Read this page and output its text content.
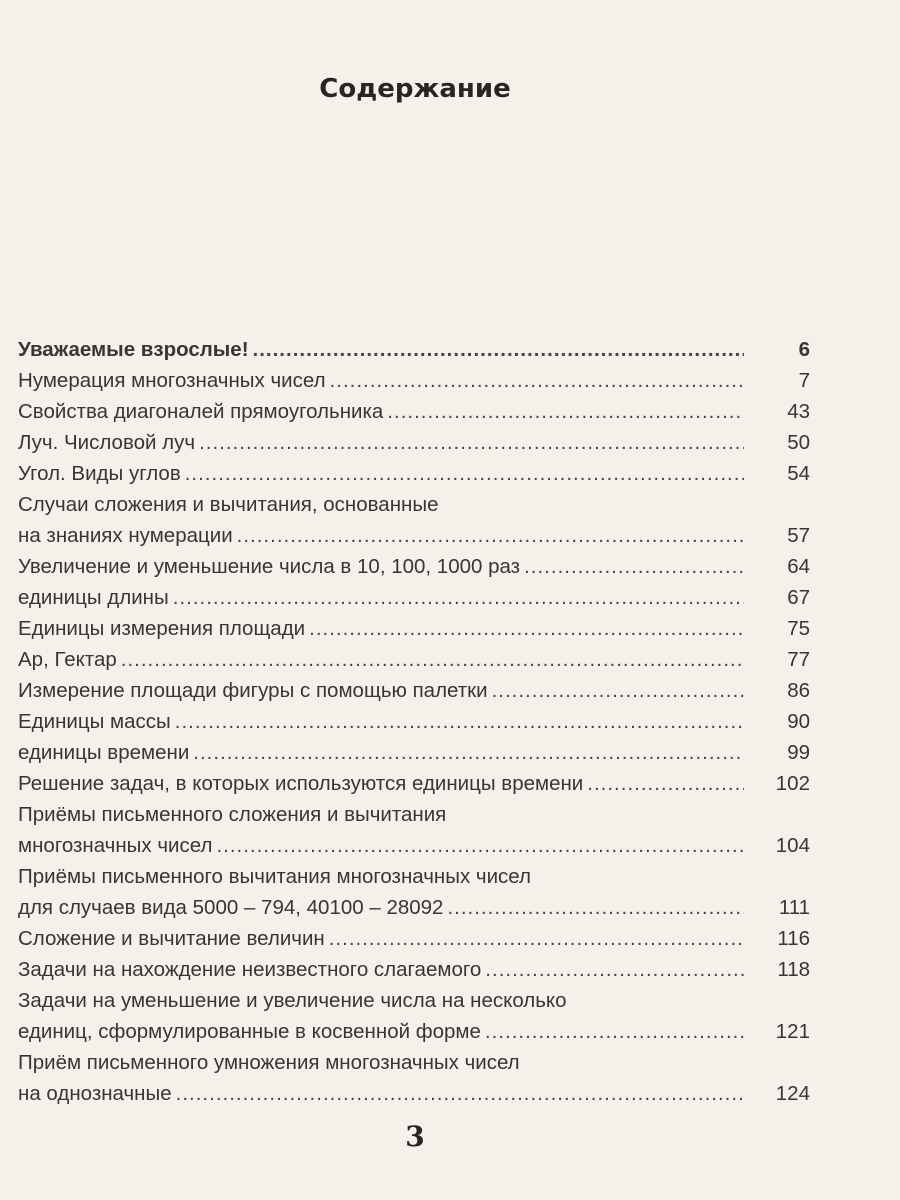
Содержание
Уважаемые взрослые! .....	6
Нумерация многозначных чисел .....	7
Свойства диагоналей прямоугольника .....	43
Луч. Числовой луч .....	50
Угол. Виды углов .....	54
Случаи сложения и вычитания, основанные
на знаниях нумерации .....	57
Увеличение и уменьшение числа в 10, 100, 1000 раз .....	64
единицы длины .....	67
Единицы измерения площади .....	75
Ар, Гектар .....	77
Измерение площади фигуры с помощью палетки .....	86
Единицы массы .....	90
единицы времени .....	99
Решение задач, в которых используются единицы времени .....	102
Приёмы письменного сложения и вычитания
многозначных чисел .....	104
Приёмы письменного вычитания многозначных чисел
для случаев вида 5000 – 794, 40100 – 28092 .....	111
Сложение и вычитание величин .....	116
Задачи на нахождение неизвестного слагаемого .....	118
Задачи на уменьшение и увеличение числа на несколько
единиц, сформулированные в косвенной форме .....	121
Приём письменного умножения многозначных чисел
на однозначные .....	124
3
